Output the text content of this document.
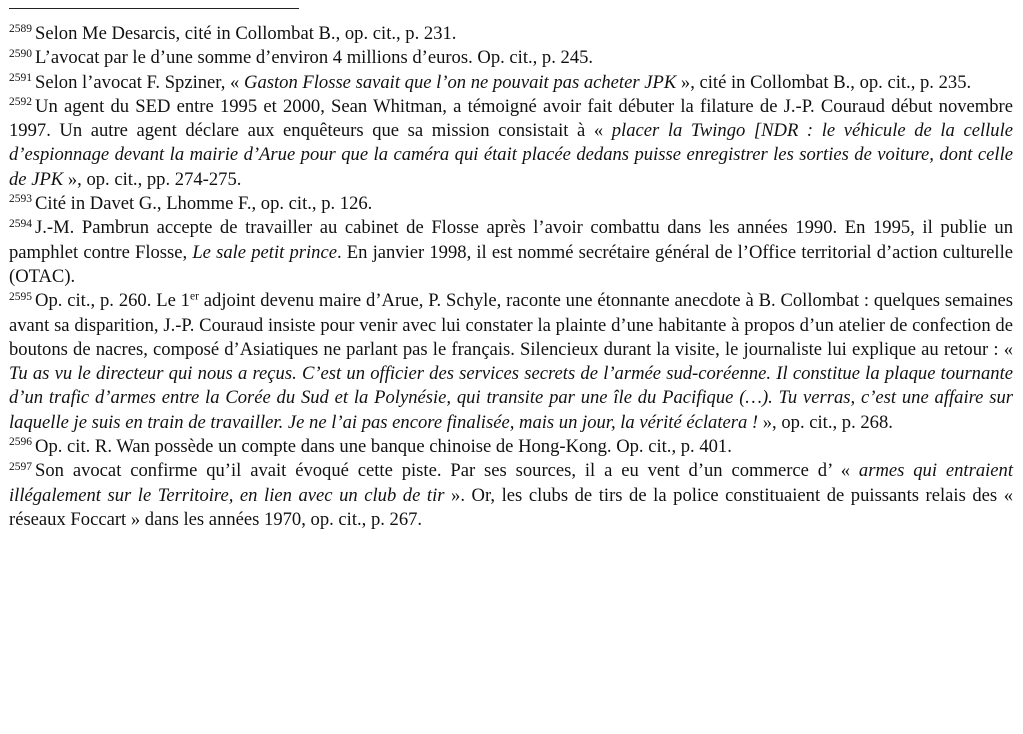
$^{2589}$ Selon Me Desarcis, cité in Collombat B., op. cit., p. 231.

$^{2590}$ L’avocat par le d’une somme d’environ 4 millions d’euros. Op. cit., p. 245.

$^{2591}$ Selon l’avocat F. Spziner, « Gaston Flosse savait que l’on ne pouvait pas acheter JPK », cité in Collombat B., op. cit., p. 235.

$^{2592}$ Un agent du SED entre 1995 et 2000, Sean Whitman, a témoigné avoir fait débuter la filature de J.-P. Couraud début novembre 1997. Un autre agent déclare aux enquêteurs que sa mission consistait à « placer la Twingo [NDR : le véhicule de la cellule d’espionnage devant la mairie d’Arue pour que la caméra qui était placée dedans puisse enregistrer les sorties de voiture, dont celle de JPK », op. cit., pp. 274-275.

$^{2593}$ Cité in Davet G., Lhomme F., op. cit., p. 126.

$^{2594}$ J.-M. Pambrun accepte de travailler au cabinet de Flosse après l’avoir combattu dans les années 1990. En 1995, il publie un pamphlet contre Flosse, Le sale petit prince. En janvier 1998, il est nommé secrétaire général de l’Office territorial d’action culturelle (OTAC).

$^{2595}$ Op. cit., p. 260. Le 1er adjoint devenu maire d’Arue, P. Schyle, raconte une étonnante anecdote à B. Collombat : quelques semaines avant sa disparition, J.-P. Couraud insiste pour venir avec lui constater la plainte d’une habitante à propos d’un atelier de confection de boutons de nacres, composé d’Asiatiques ne parlant pas le français. Silencieux durant la visite, le journaliste lui explique au retour : « Tu as vu le directeur qui nous a reçus. C’est un officier des services secrets de l’armée sud-coréenne. Il constitue la plaque tournante d’un trafic d’armes entre la Corée du Sud et la Polynésie, qui transite par une île du Pacifique (…). Tu verras, c’est une affaire sur laquelle je suis en train de travailler. Je ne l’ai pas encore finalisée, mais un jour, la vérité éclatera ! », op. cit., p. 268.

$^{2596}$ Op. cit. R. Wan possède un compte dans une banque chinoise de Hong-Kong. Op. cit., p. 401.

$^{2597}$ Son avocat confirme qu’il avait évoqué cette piste. Par ses sources, il a eu vent d’un commerce d’ « armes qui entraient illégalement sur le Territoire, en lien avec un club de tir ». Or, les clubs de tirs de la police constituaient de puissants relais des « réseaux Foccart » dans les années 1970, op. cit., p. 267.
